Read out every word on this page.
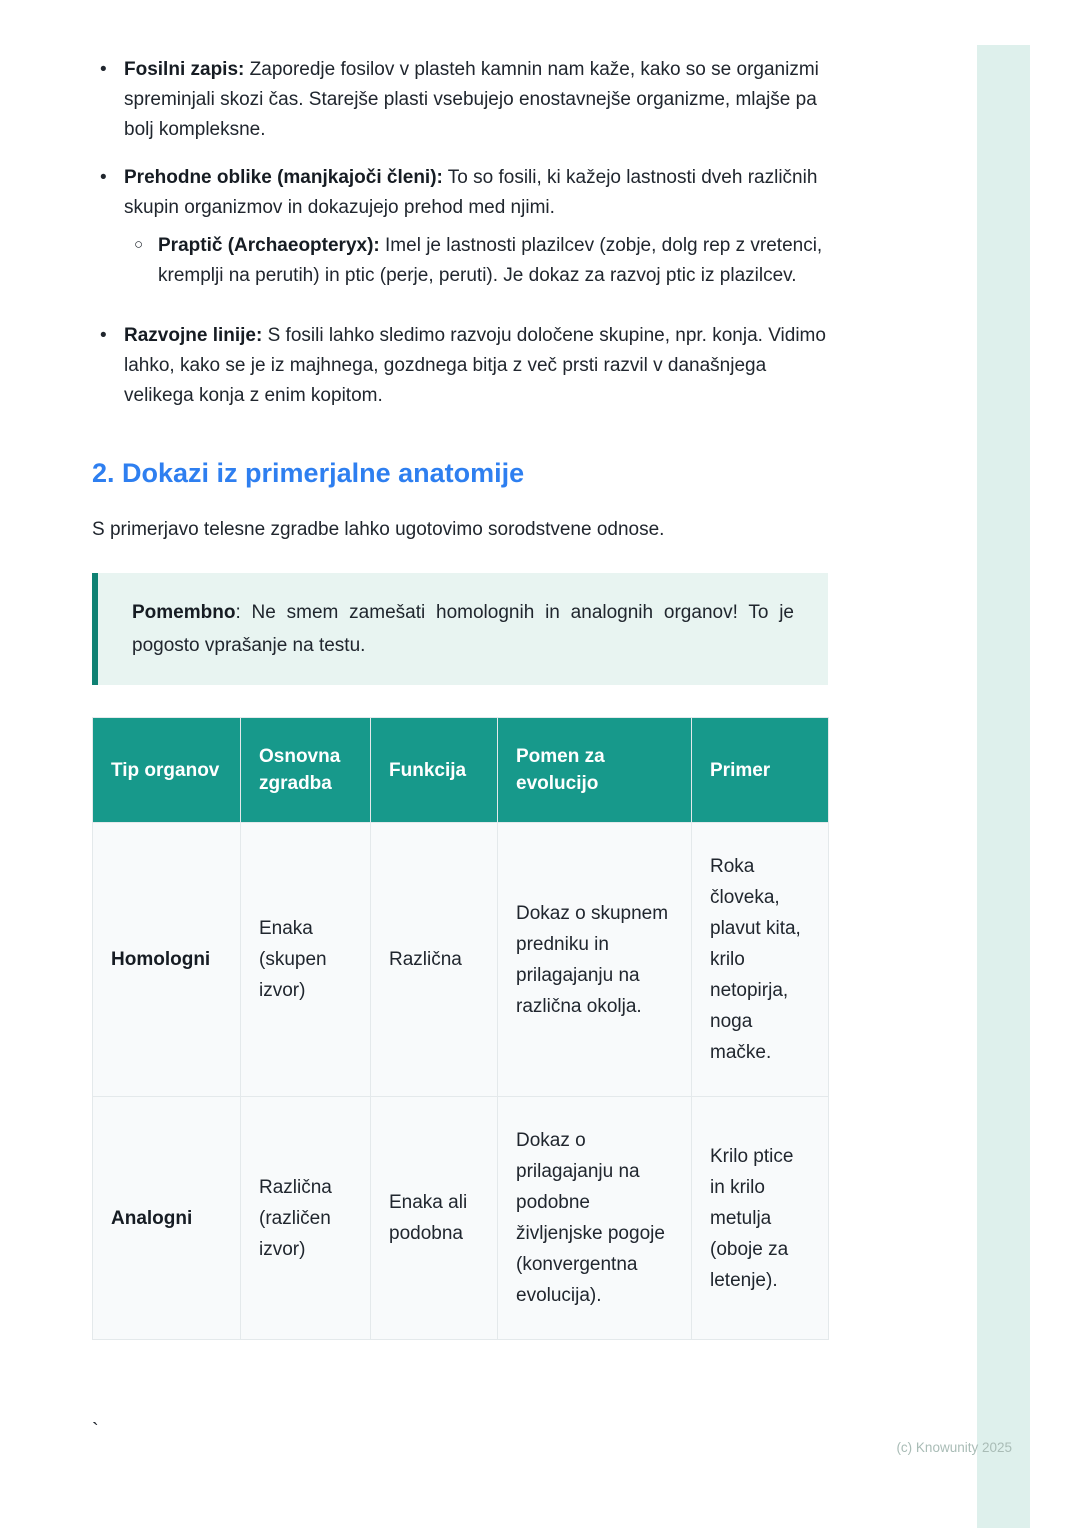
• Fosilni zapis: Zaporedje fosilov v plasteh kamnin nam kaže, kako so se organizmi spreminjali skozi čas. Starejše plasti vsebujejo enostavnejše organizme, mlajše pa bolj kompleksne.
• Prehodne oblike (manjkajoči členi): To so fosili, ki kažejo lastnosti dveh različnih skupin organizmov in dokazujejo prehod med njimi.
○ Praptič (Archaeopteryx): Imel je lastnosti plazilcev (zobje, dolg rep z vretenci, kremplji na perutih) in ptic (perje, peruti). Je dokaz za razvoj ptic iz plazilcev.
• Razvojne linije: S fosili lahko sledimo razvoju določene skupine, npr. konja. Vidimo lahko, kako se je iz majhnega, gozdnega bitja z več prsti razvil v današnjega velikega konja z enim kopitom.
2. Dokazi iz primerjalne anatomije
S primerjavo telesne zgradbe lahko ugotovimo sorodstvene odnose.
Pomembno: Ne smem zamešati homolognih in analognih organov! To je pogosto vprašanje na testu.
Tip organov	Osnovna zgradba	Funkcija	Pomen za evolucijo	Primer
Homologni	Enaka (skupen izvor)	Različna	Dokaz o skupnem predniku in prilagajanju na različna okolja.	Roka človeka, plavut kita, krilo netopirja, noga mačke.
Analogni	Različna (različen izvor)	Enaka ali podobna	Dokaz o prilagajanju na podobne življenjske pogoje (konvergentna evolucija).	Krilo ptice in krilo metulja (oboje za letenje).
`
(c) Knowunity 2025
